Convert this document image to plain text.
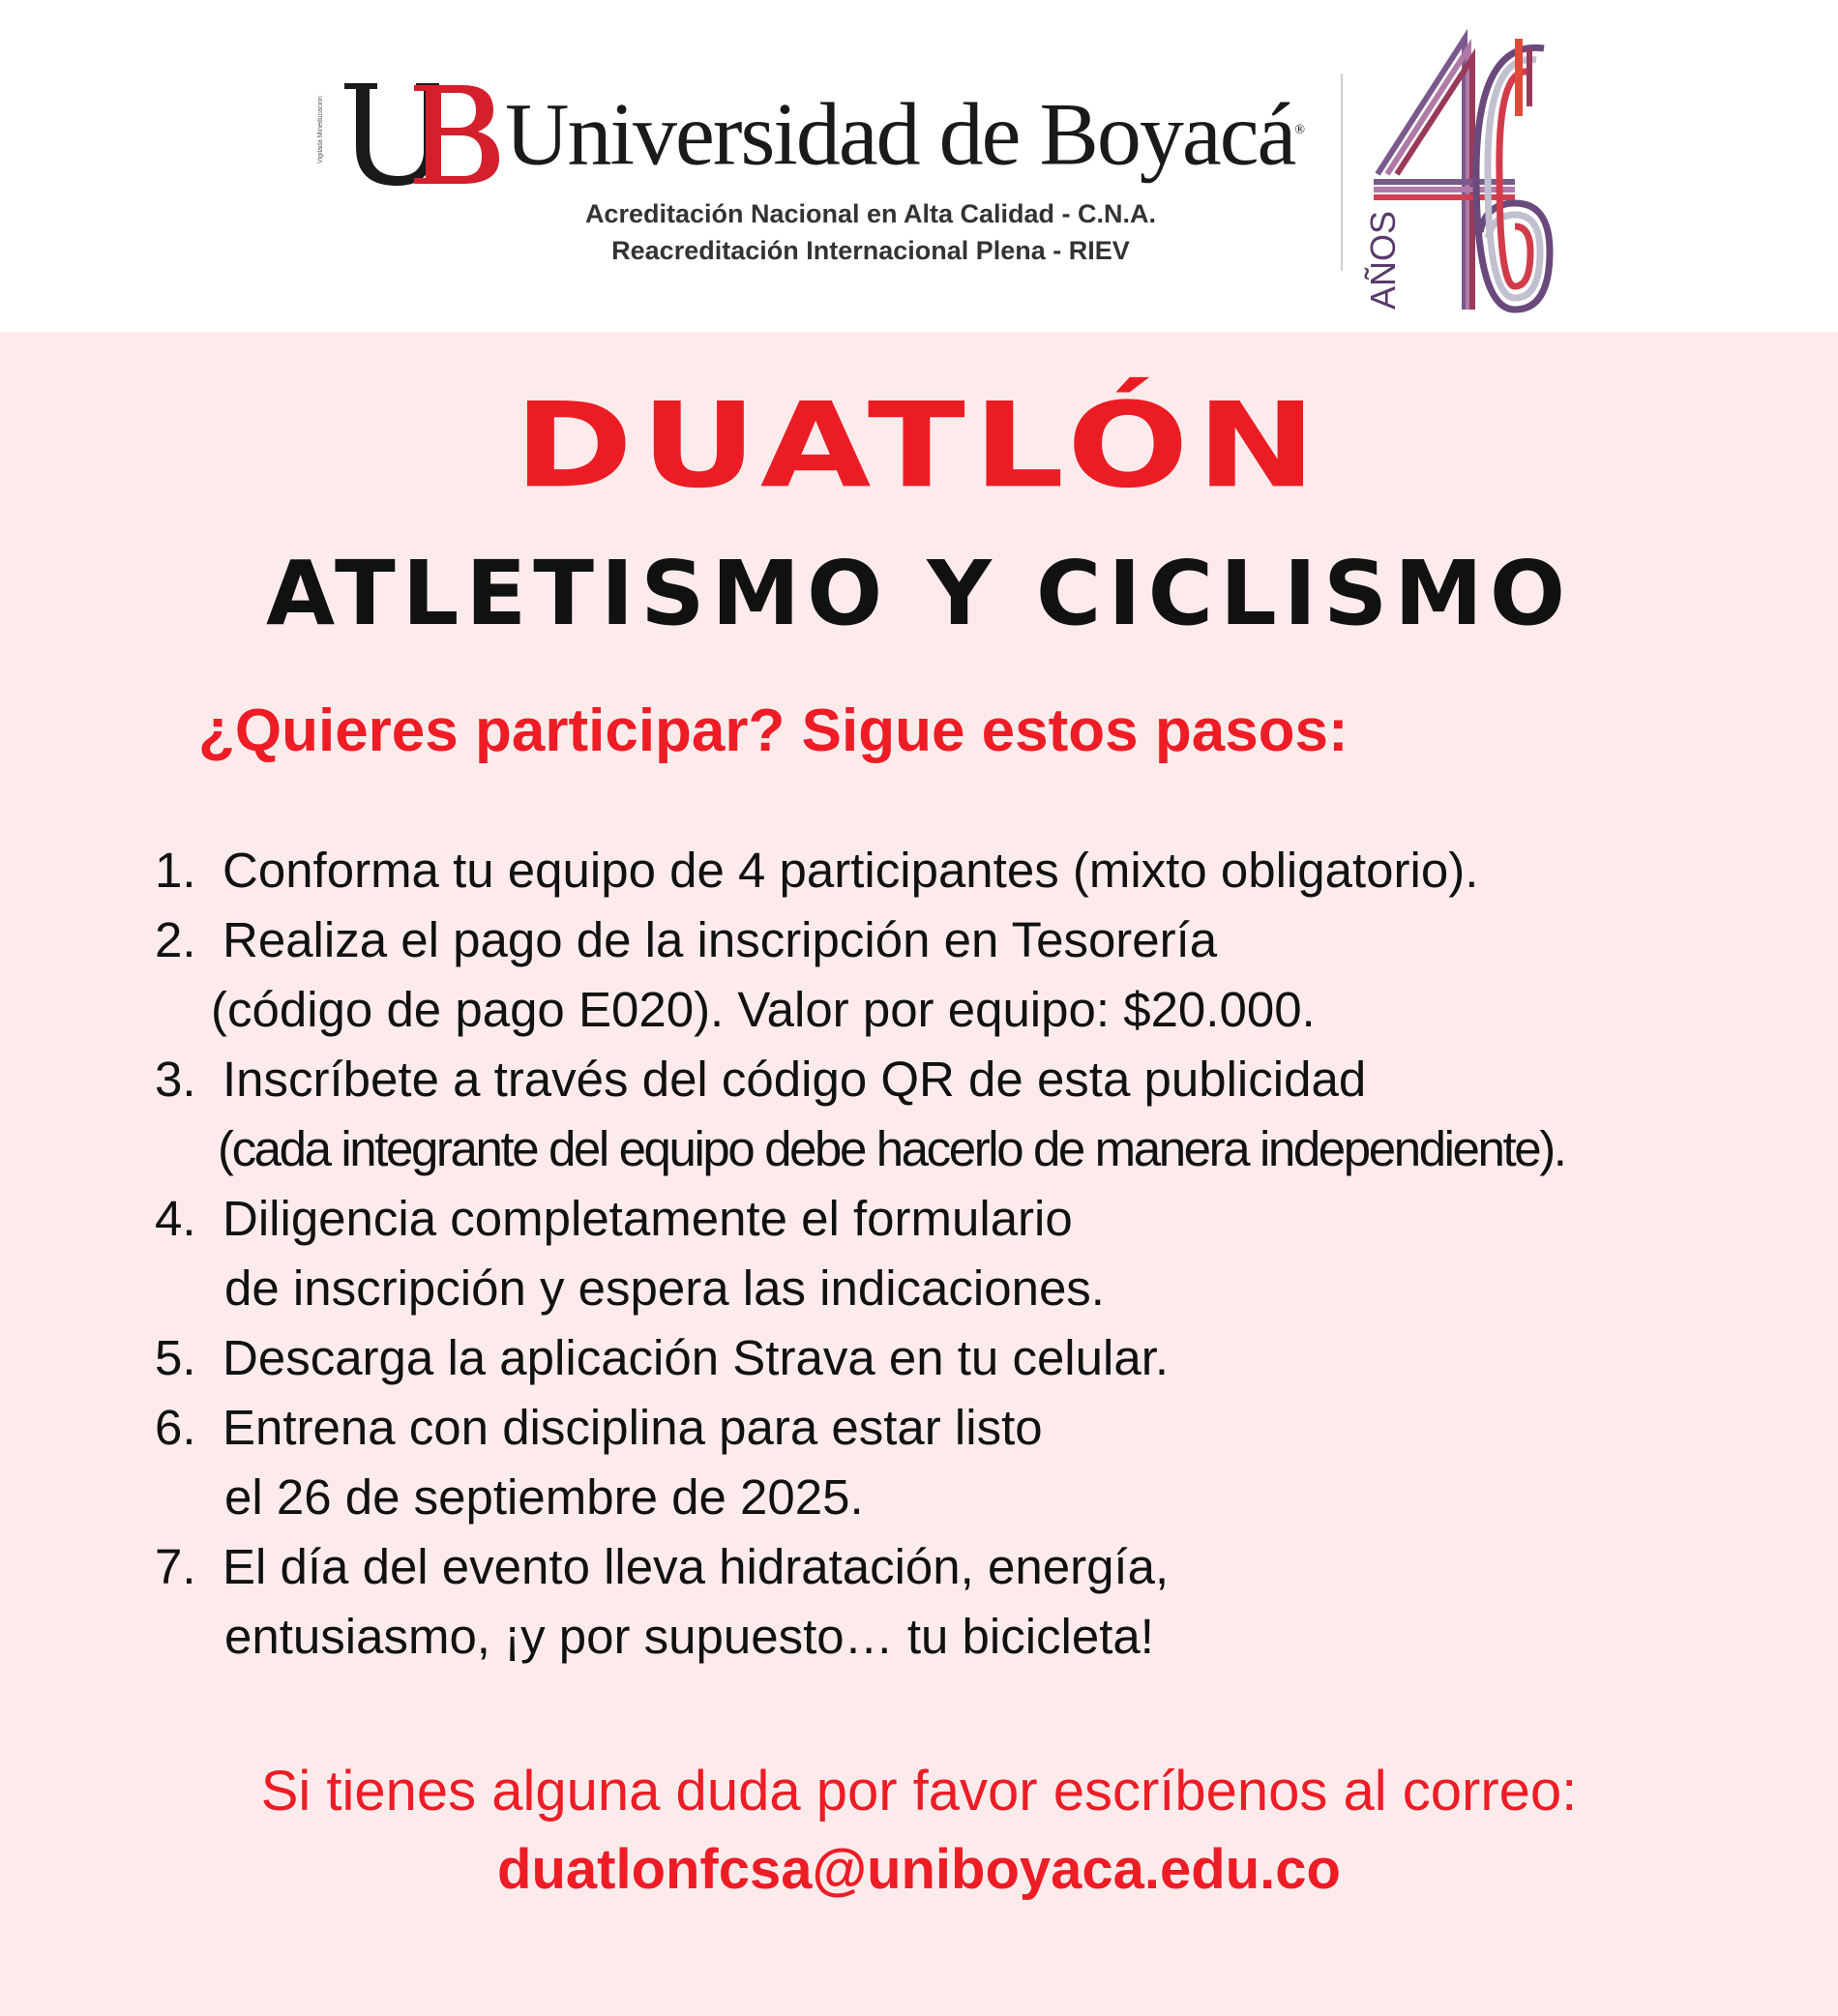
Vigilada Mineducación Universidad de Boyacá®
Acreditación Nacional en Alta Calidad - C.N.A.
Reacreditación Internacional Plena - RIEV	AÑOS
DUATLÓN
ATLETISMO Y CICLISMO
¿Quieres participar? Sigue estos pasos:
1. Conforma tu equipo de 4 participantes (mixto obligatorio).
2. Realiza el pago de la inscripción en Tesorería
(código de pago E020). Valor por equipo: $20.000.
3. Inscríbete a través del código QR de esta publicidad
(cada integrante del equipo debe hacerlo de manera independiente).
4. Diligencia completamente el formulario
de inscripción y espera las indicaciones.
5. Descarga la aplicación Strava en tu celular.
6. Entrena con disciplina para estar listo
el 26 de septiembre de 2025.
7. El día del evento lleva hidratación, energía,
entusiasmo, ¡y por supuesto… tu bicicleta!
Si tienes alguna duda por favor escríbenos al correo:
duatlonfcsa@uniboyaca.edu.co
